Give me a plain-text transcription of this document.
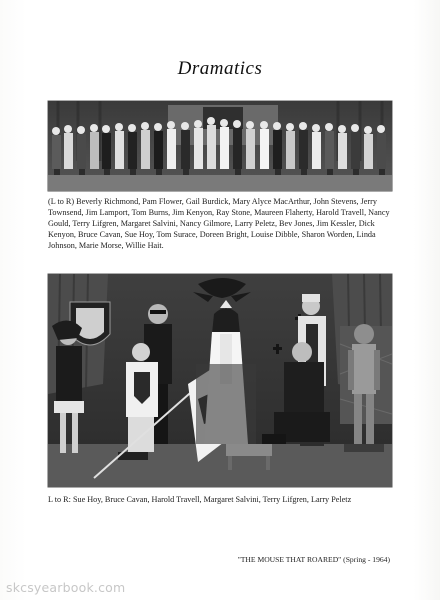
Dramatics
(L to R) Beverly Richmond, Pam Flower, Gail Burdick, Mary Alyce MacArthur, John Stevens, Jerry Townsend, Jim Lamport, Tom Burns, Jim Kenyon, Ray Stone, Maureen Flaherty, Harold Travell, Nancy Gould, Terry Lifgren, Margaret Salvini, Nancy Gilmore, Larry Peletz, Bev Jones, Jim Kessler, Dick Kenyon, Bruce Cavan, Sue Hoy, Tom Surace, Doreen Bright, Louise Dibble, Sharon Worden, Linda Johnson, Marie Morse, Willie Hait.
L to R: Sue Hoy, Bruce Cavan, Harold Travell, Margaret Salvini, Terry Lifgren, Larry Peletz
"THE MOUSE THAT ROARED" (Spring - 1964)
skcsyearbook.com
